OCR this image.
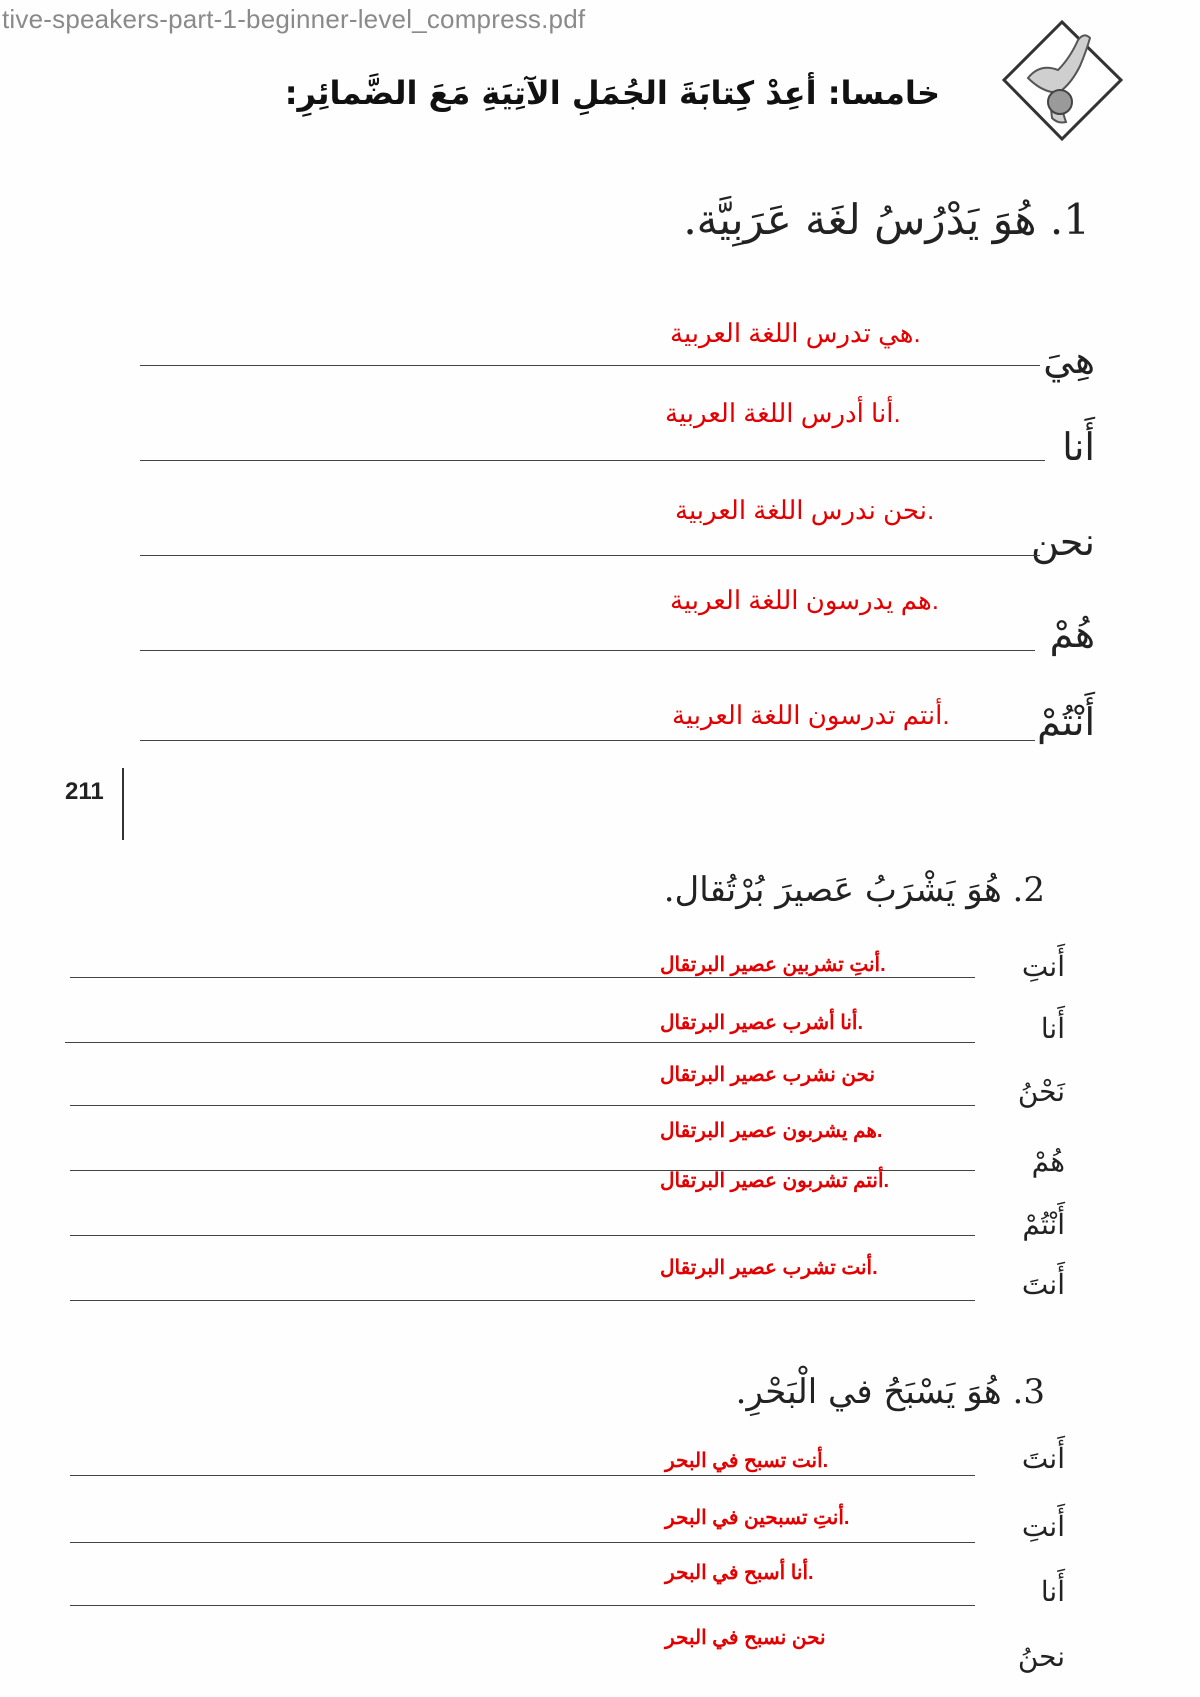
tive-speakers-part-1-beginner-level_compress.pdf
خامسا: أعِدْ كِتابَةَ الجُمَلِ الآتِيَةِ مَعَ الضَّمائِرِ:
1. هُوَ يَدْرُسُ لغَة عَرَبِيَّة.
هِيَ
.هي تدرس اللغة العربية
أَنا
.أنا أدرس اللغة العربية
نحن
.نحن ندرس اللغة العربية
هُمْ
.هم يدرسون اللغة العربية
أَنْتُمْ
.أنتم تدرسون اللغة العربية
211
2. هُوَ يَشْرَبُ عَصيرَ بُرْتُقال.
أَنتِ
.أنتِ تشربين عصير البرتقال
أَنا
.أنا أشرب عصير البرتقال
نَحْنُ
نحن نشرب عصير البرتقال
هُمْ
.هم يشربون عصير البرتقال
أَنْتُمْ
.أنتم تشربون عصير البرتقال
أَنتَ
.أنت تشرب عصير البرتقال
3. هُوَ يَسْبَحُ في الْبَحْرِ.
أَنتَ
.أنت تسبح في البحر
أَنتِ
.أنتِ تسبحين في البحر
أَنا
.أنا أسبح في البحر
نحنُ
نحن نسبح في البحر
